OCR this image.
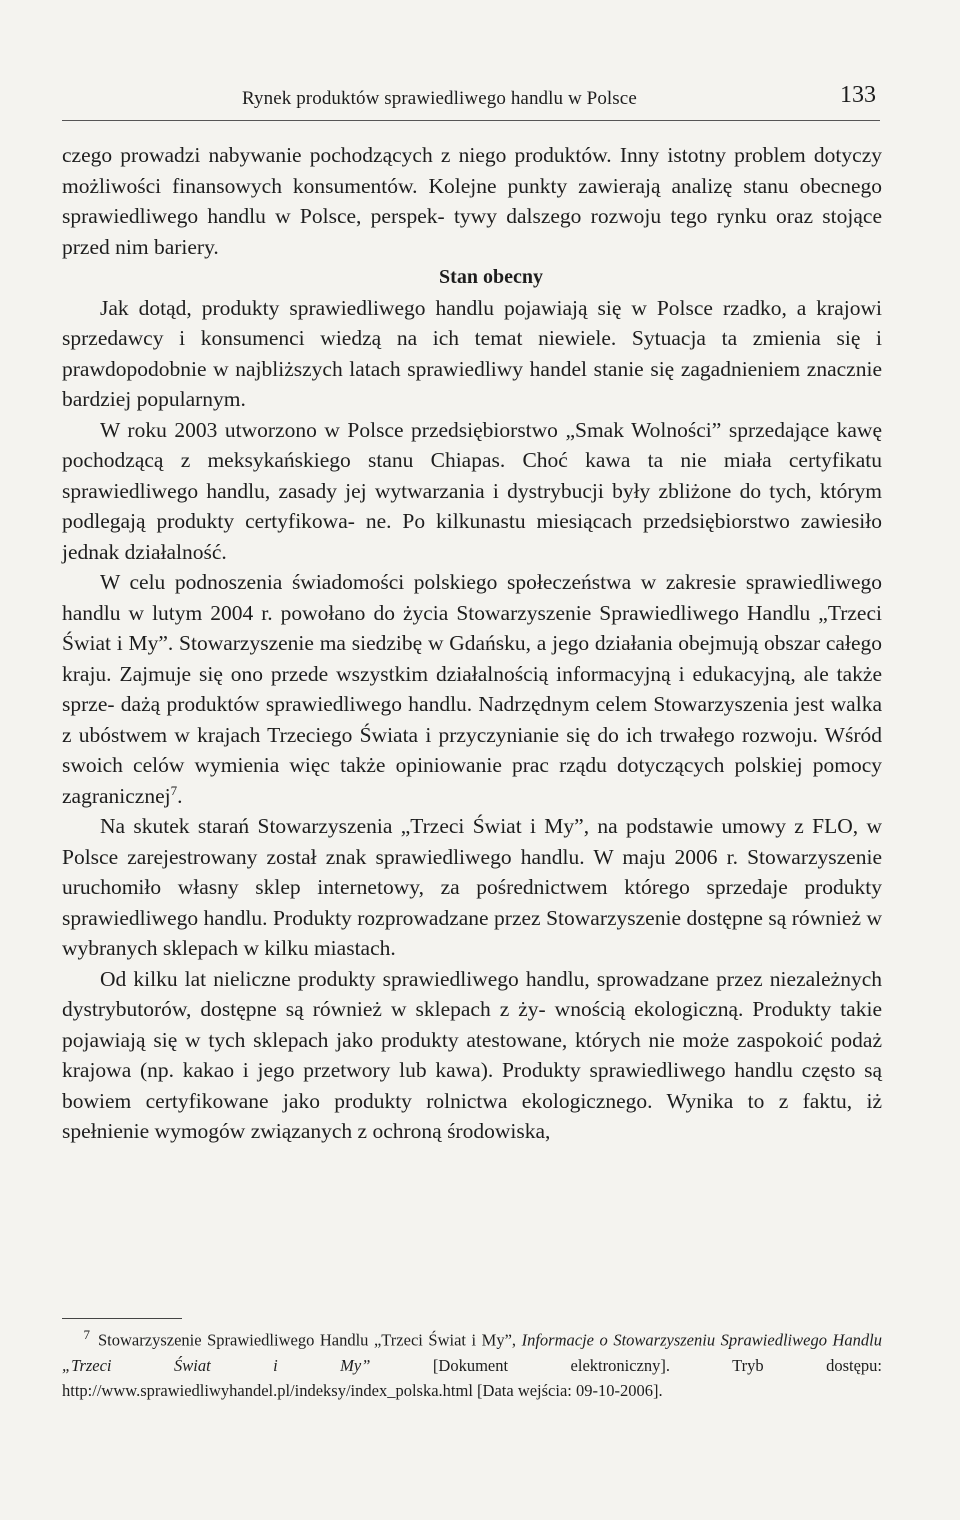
Rynek produktów sprawiedliwego handlu w Polsce	133

czego prowadzi nabywanie pochodzących z niego produktów. Inny istotny problem dotyczy możliwości finansowych konsumentów. Kolejne punkty zawierają analizę stanu obecnego sprawiedliwego handlu w Polsce, perspek- tywy dalszego rozwoju tego rynku oraz stojące przed nim bariery.

Stan obecny

Jak dotąd, produkty sprawiedliwego handlu pojawiają się w Polsce rzadko, a krajowi sprzedawcy i konsumenci wiedzą na ich temat niewiele. Sytuacja ta zmienia się i prawdopodobnie w najbliższych latach sprawiedliwy handel stanie się zagadnieniem znacznie bardziej popularnym.

W roku 2003 utworzono w Polsce przedsiębiorstwo „Smak Wolności” sprzedające kawę pochodzącą z meksykańskiego stanu Chiapas. Choć kawa ta nie miała certyfikatu sprawiedliwego handlu, zasady jej wytwarzania i dystrybucji były zbliżone do tych, którym podlegają produkty certyfikowa- ne. Po kilkunastu miesiącach przedsiębiorstwo zawiesiło jednak działalność.

W celu podnoszenia świadomości polskiego społeczeństwa w zakresie sprawiedliwego handlu w lutym 2004 r. powołano do życia Stowarzyszenie Sprawiedliwego Handlu „Trzeci Świat i My”. Stowarzyszenie ma siedzibę w Gdańsku, a jego działania obejmują obszar całego kraju. Zajmuje się ono przede wszystkim działalnością informacyjną i edukacyjną, ale także sprze- dażą produktów sprawiedliwego handlu. Nadrzędnym celem Stowarzyszenia jest walka z ubóstwem w krajach Trzeciego Świata i przyczynianie się do ich trwałego rozwoju. Wśród swoich celów wymienia więc także opiniowanie prac rządu dotyczących polskiej pomocy zagranicznej$^7$.

Na skutek starań Stowarzyszenia „Trzeci Świat i My”, na podstawie umowy z FLO, w Polsce zarejestrowany został znak sprawiedliwego handlu. W maju 2006 r. Stowarzyszenie uruchomiło własny sklep internetowy, za pośrednictwem którego sprzedaje produkty sprawiedliwego handlu. Produkty rozprowadzane przez Stowarzyszenie dostępne są również w wybranych sklepach w kilku miastach.

Od kilku lat nieliczne produkty sprawiedliwego handlu, sprowadzane przez niezależnych dystrybutorów, dostępne są również w sklepach z ży- wnością ekologiczną. Produkty takie pojawiają się w tych sklepach jako produkty atestowane, których nie może zaspokoić podaż krajowa (np. kakao i jego przetwory lub kawa). Produkty sprawiedliwego handlu często są bowiem certyfikowane jako produkty rolnictwa ekologicznego. Wynika to z faktu, iż spełnienie wymogów związanych z ochroną środowiska,

7 Stowarzyszenie Sprawiedliwego Handlu „Trzeci Świat i My”, Informacje o Stowarzyszeniu Sprawiedliwego Handlu „Trzeci Świat i My”	[Dokument elektroniczny]. Tryb dostępu: http://www.sprawiedliwyhandel.pl/indeksy/index_polska.html [Data wejścia: 09-10-2006].
